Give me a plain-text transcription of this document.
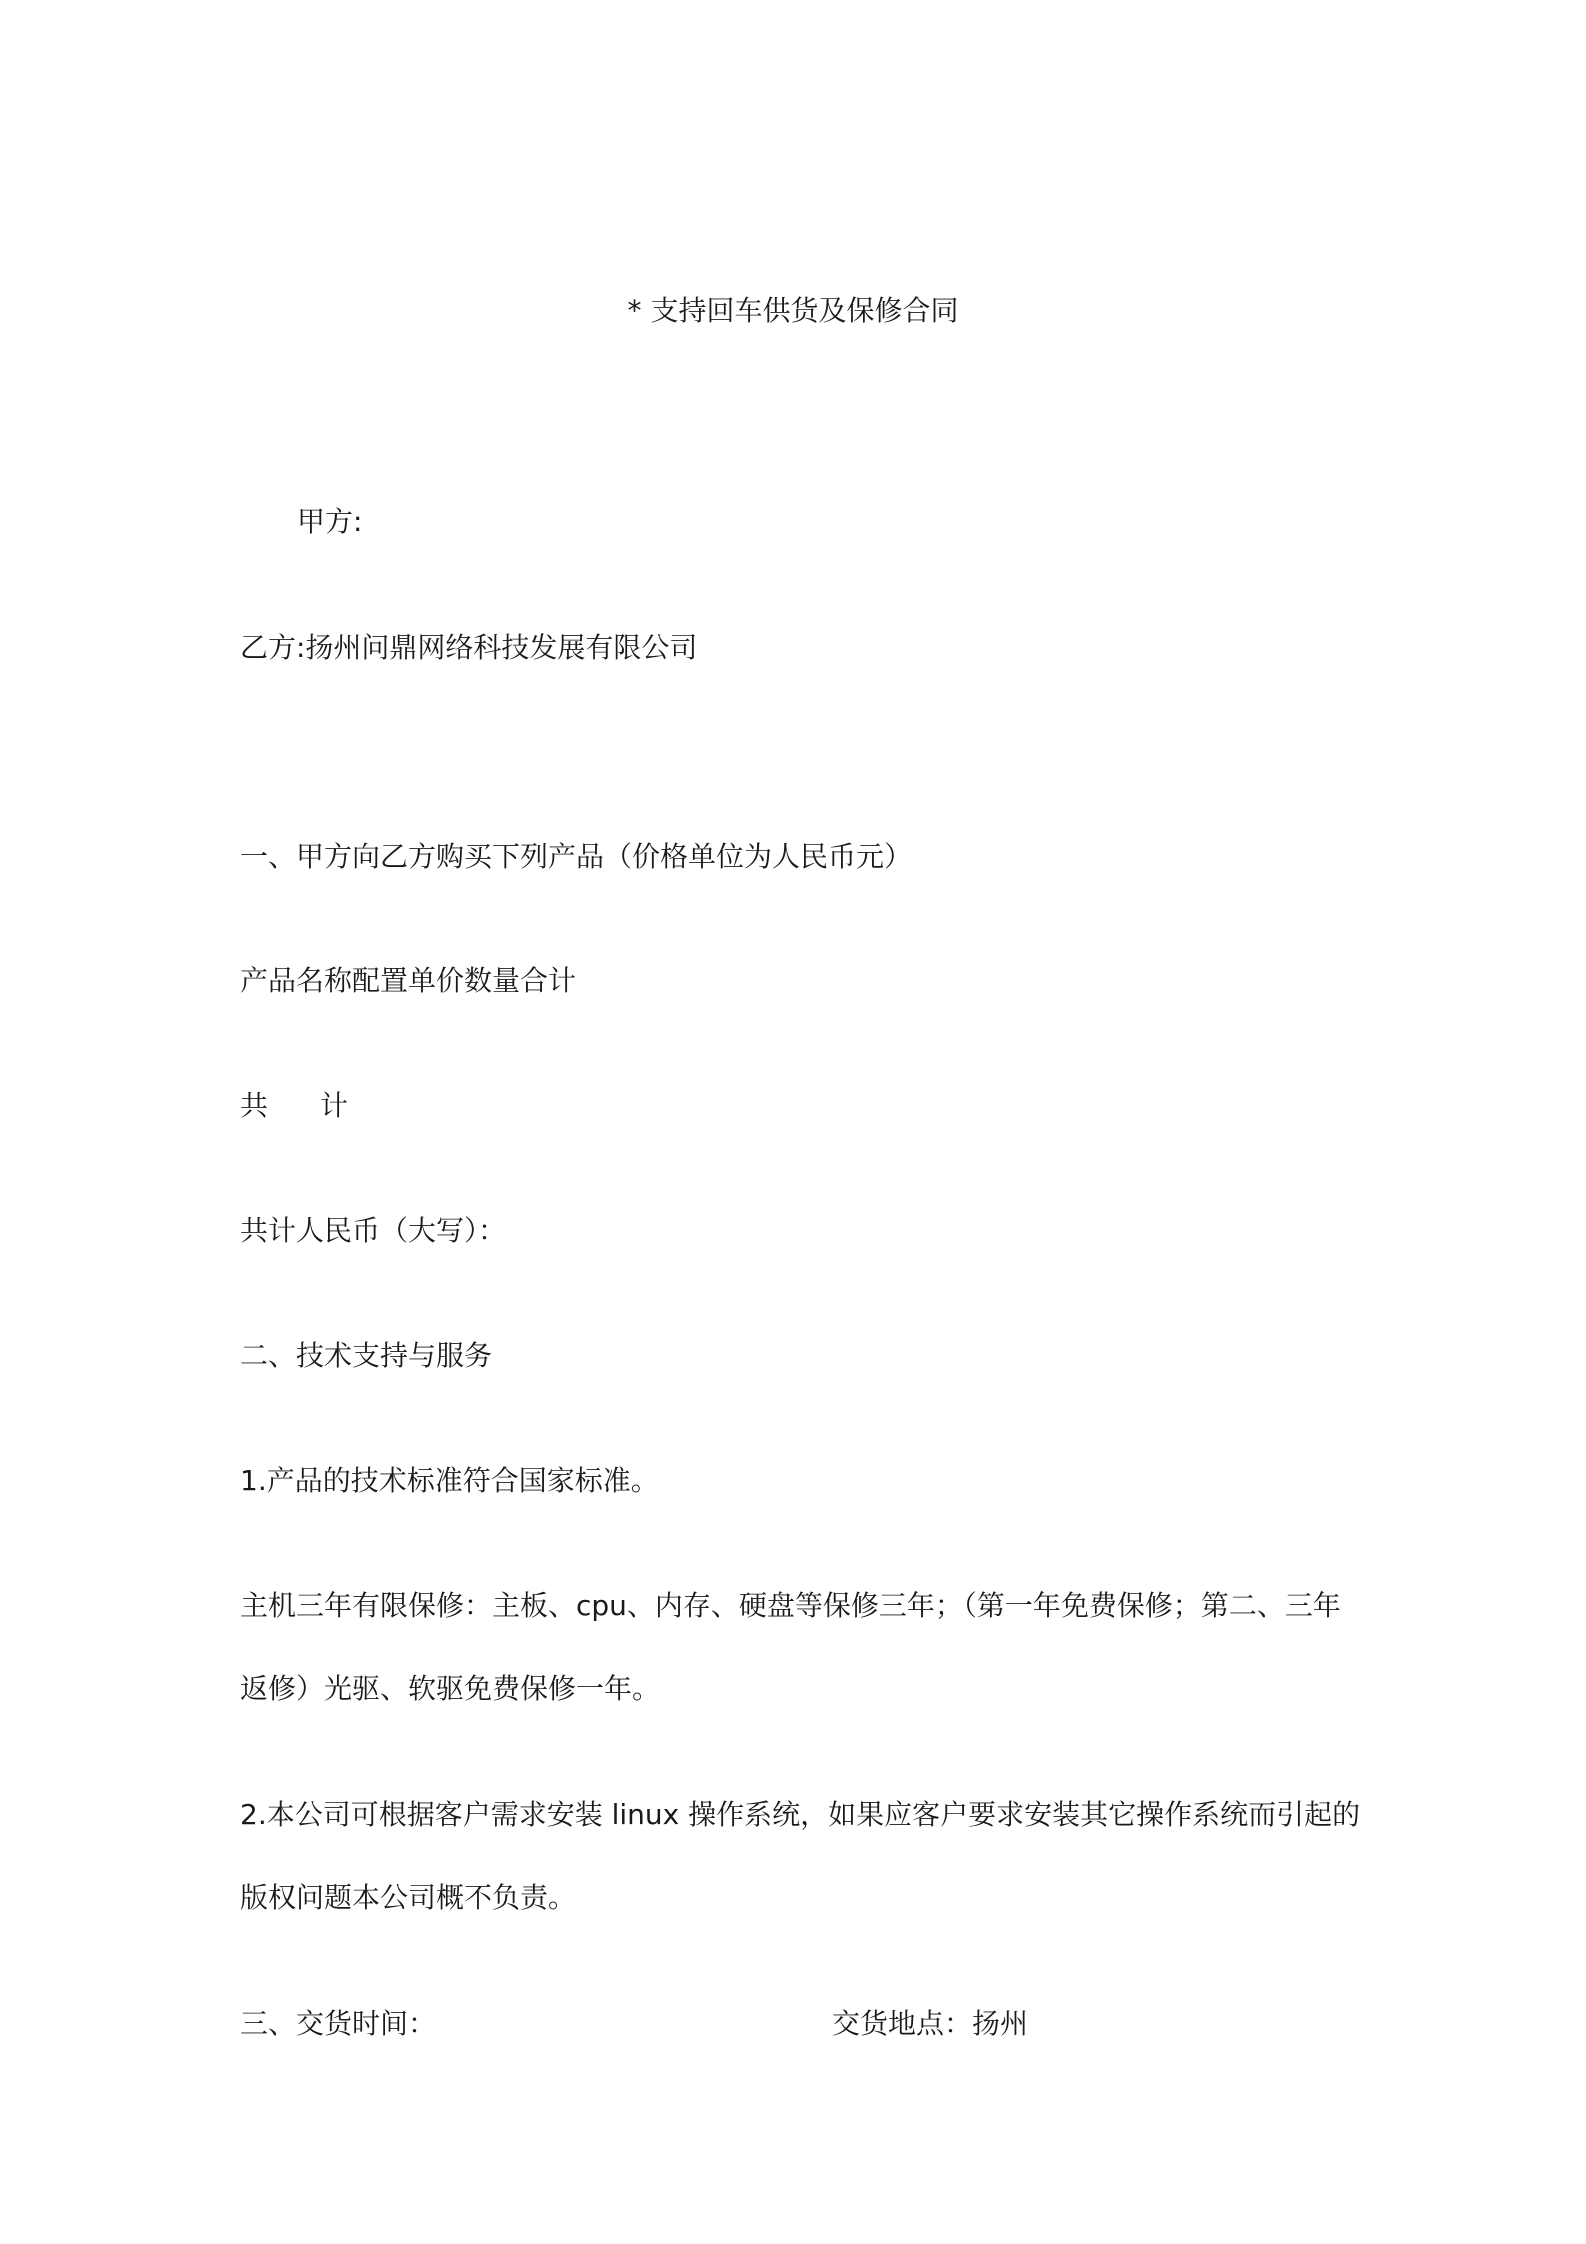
* 支持回车供货及保修合同

甲方:

乙方:扬州问鼎网络科技发展有限公司

一、甲方向乙方购买下列产品（价格单位为人民币元）

产品名称配置单价数量合计

共 计

共计人民币（大写）：

二、技术支持与服务

1.产品的技术标准符合国家标准。

主机三年有限保修：主板、cpu、内存、硬盘等保修三年；（第一年免费保修；第二、三年

返修）光驱、软驱免费保修一年。

2.本公司可根据客户需求安装 linux 操作系统，如果应客户要求安装其它操作系统而引起的

版权问题本公司概不负责。

三、交货时间：	交货地点：扬州
